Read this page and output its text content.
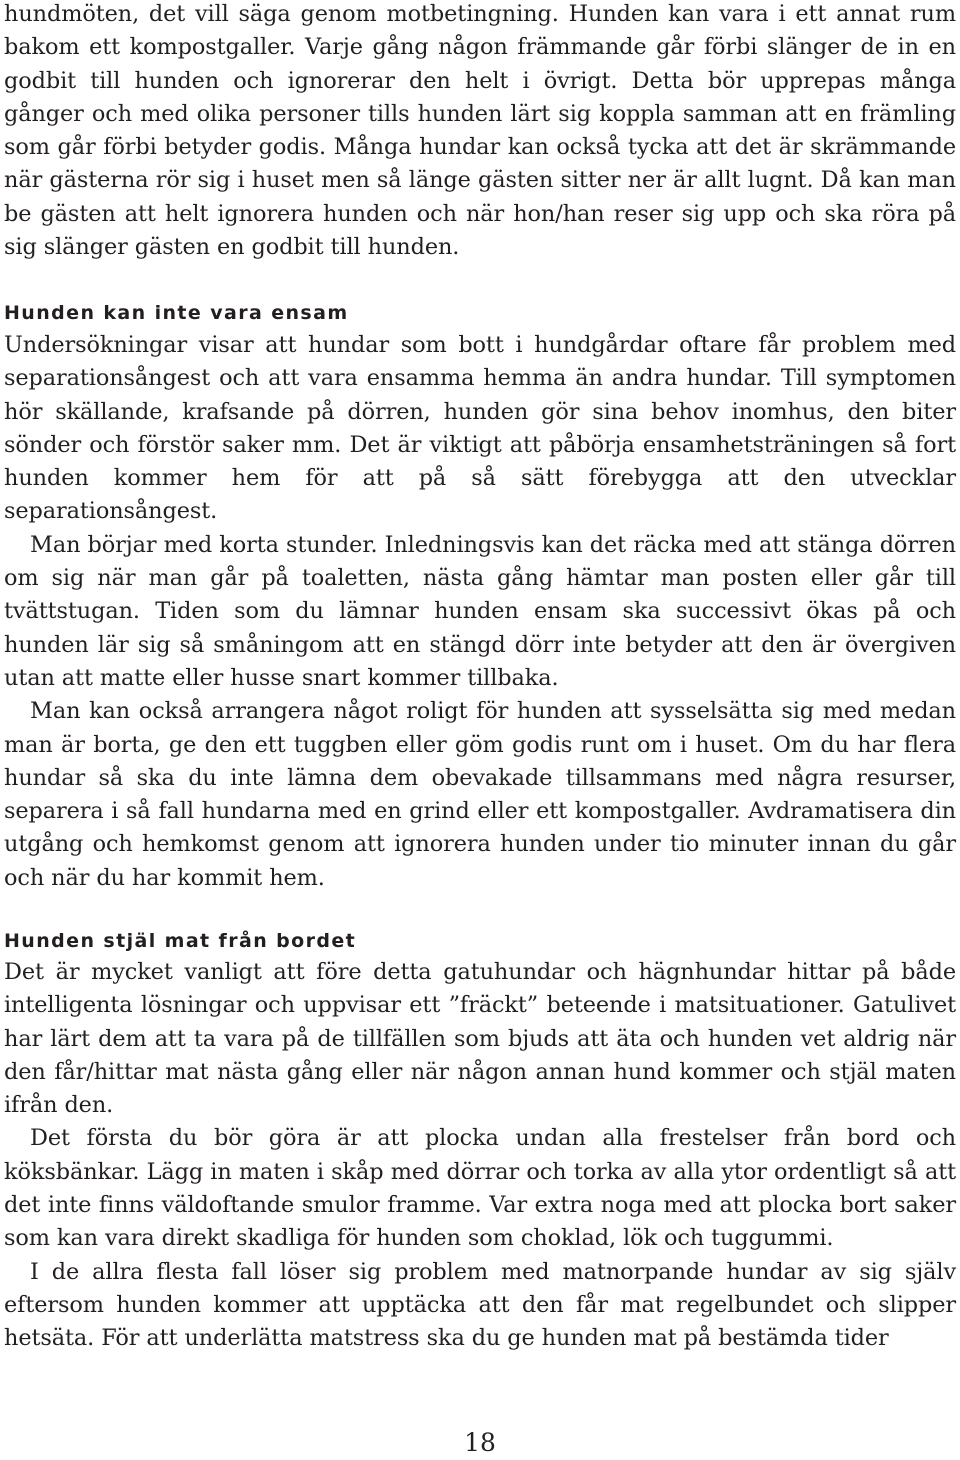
hundmöten, det vill säga genom motbetingning. Hunden kan vara i ett annat rum bakom ett kompostgaller. Varje gång någon främmande går förbi slänger de in en godbit till hunden och ignorerar den helt i övrigt. Detta bör upprepas många gånger och med olika personer tills hunden lärt sig koppla samman att en främling som går förbi betyder godis. Många hundar kan också tycka att det är skrämmande när gästerna rör sig i huset men så länge gästen sitter ner är allt lugnt. Då kan man be gästen att helt ignorera hunden och när hon/han reser sig upp och ska röra på sig slänger gästen en godbit till hunden.

Hunden kan inte vara ensam

Undersökningar visar att hundar som bott i hundgårdar oftare får problem med separationsångest och att vara ensamma hemma än andra hundar. Till symptomen hör skällande, krafsande på dörren, hunden gör sina behov inomhus, den biter sönder och förstör saker mm. Det är viktigt att påbörja ensamhetsträningen så fort hunden kommer hem för att på så sätt förebygga att den utvecklar separationsångest.

Man börjar med korta stunder. Inledningsvis kan det räcka med att stänga dörren om sig när man går på toaletten, nästa gång hämtar man posten eller går till tvättstugan. Tiden som du lämnar hunden ensam ska successivt ökas på och hunden lär sig så småningom att en stängd dörr inte betyder att den är övergiven utan att matte eller husse snart kommer tillbaka.

Man kan också arrangera något roligt för hunden att sysselsätta sig med medan man är borta, ge den ett tuggben eller göm godis runt om i huset. Om du har flera hundar så ska du inte lämna dem obevakade tillsammans med några resurser, separera i så fall hundarna med en grind eller ett kompostgaller. Avdramatisera din utgång och hemkomst genom att ignorera hunden under tio minuter innan du går och när du har kommit hem.

Hunden stjäl mat från bordet

Det är mycket vanligt att före detta gatuhundar och hägnhundar hittar på både intelligenta lösningar och uppvisar ett ”fräckt” beteende i matsituationer. Gatulivet har lärt dem att ta vara på de tillfällen som bjuds att äta och hunden vet aldrig när den får/hittar mat nästa gång eller när någon annan hund kommer och stjäl maten ifrån den.

Det första du bör göra är att plocka undan alla frestelser från bord och köksbänkar. Lägg in maten i skåp med dörrar och torka av alla ytor ordentligt så att det inte finns väldoftande smulor framme. Var extra noga med att plocka bort saker som kan vara direkt skadliga för hunden som choklad, lök och tuggummi.

I de allra flesta fall löser sig problem med matnorpande hundar av sig själv eftersom hunden kommer att upptäcka att den får mat regelbundet och slipper hetsäta. För att underlätta matstress ska du ge hunden mat på bestämda tider

18
